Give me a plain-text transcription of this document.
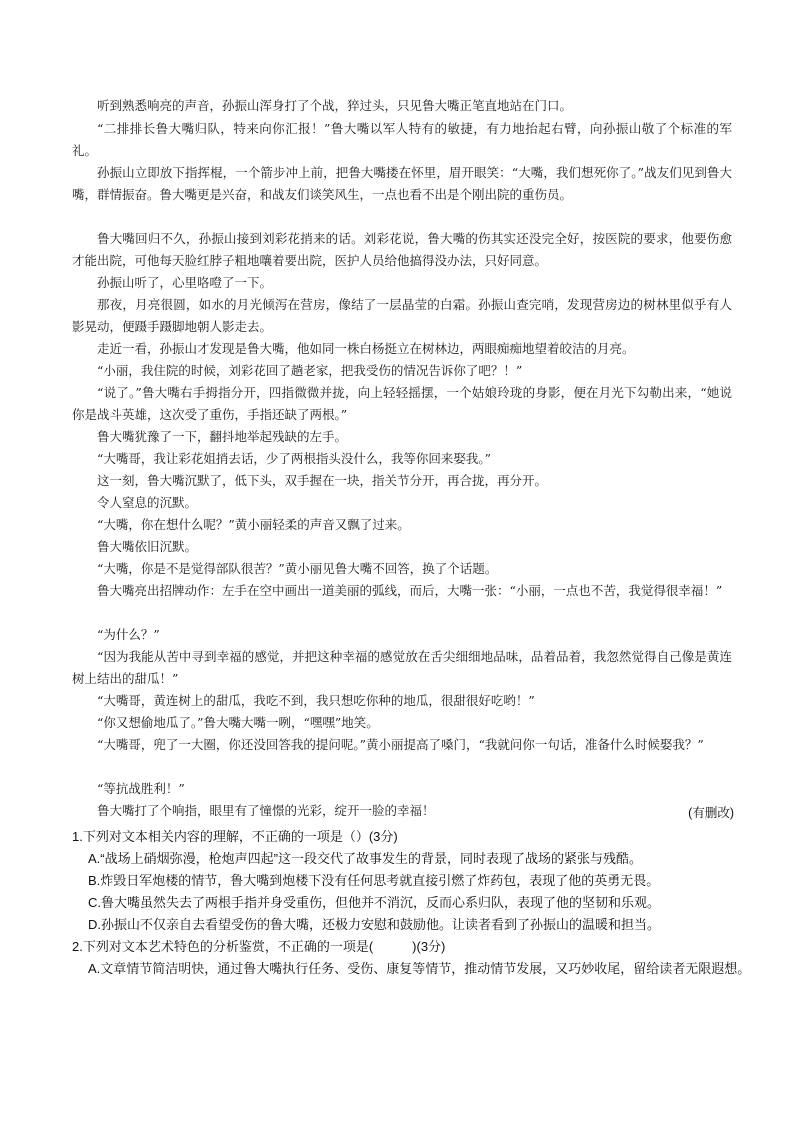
听到熟悉响亮的声音，孙振山浑身打了个战，猝过头，只见鲁大嘴正笔直地站在门口。

“二排排长鲁大嘴归队，特来向你汇报！”鲁大嘴以军人特有的敏捷，有力地抬起右臂，向孙振山敬了个标准的军礼。

孙振山立即放下指挥棍，一个箭步冲上前，把鲁大嘴搂在怀里，眉开眼笑：“大嘴，我们想死你了。”战友们见到鲁大嘴，群情振奋。鲁大嘴更是兴奋，和战友们谈笑风生，一点也看不出是个刚出院的重伤员。

鲁大嘴回归不久，孙振山接到刘彩花捎来的话。刘彩花说，鲁大嘴的伤其实还没完全好，按医院的要求，他要伤愈才能出院，可他每天脸红脖子粗地嚷着要出院，医护人员给他搞得没办法，只好同意。

孙振山听了，心里咯噔了一下。

那夜，月亮很圆，如水的月光倾泻在营房，像结了一层晶莹的白霜。孙振山查完哨，发现营房边的树林里似乎有人影晃动，便蹑手蹑脚地朝人影走去。

走近一看，孙振山才发现是鲁大嘴，他如同一株白杨挺立在树林边，两眼痴痴地望着皎洁的月亮。

“小丽，我住院的时候，刘彩花回了趟老家，把我受伤的情况告诉你了吧？！”

“说了。”鲁大嘴右手拇指分开，四指微微并拢，向上轻轻摇摆，一个姑娘玲珑的身影，便在月光下勾勒出来，“她说你是战斗英雄，这次受了重伤，手指还缺了两根。”

鲁大嘴犹豫了一下，翻抖地举起残缺的左手。

“大嘴哥，我让彩花姐捎去话，少了两根指头没什么，我等你回来娶我。”

这一刻，鲁大嘴沉默了，低下头，双手握在一块，指关节分开，再合拢，再分开。

令人窒息的沉默。

“大嘴，你在想什么呢？”黄小丽轻柔的声音又飘了过来。

鲁大嘴依旧沉默。

“大嘴，你是不是觉得部队很苦？”黄小丽见鲁大嘴不回答，换了个话题。

鲁大嘴亮出招牌动作：左手在空中画出一道美丽的弧线，而后，大嘴一张：“小丽，一点也不苦，我觉得很幸福！”

“为什么？”

“因为我能从苦中寻到幸福的感觉，并把这种幸福的感觉放在舌尖细细地品味，品着品着，我忽然觉得自己像是黄连树上结出的甜瓜！”

“大嘴哥，黄连树上的甜瓜，我吃不到，我只想吃你种的地瓜，很甜很好吃哟！”

“你又想偷地瓜了。”鲁大嘴大嘴一咧，“嘿嘿”地笑。

“大嘴哥，兜了一大圈，你还没回答我的提问呢。”黄小丽提高了嗓门，“我就问你一句话，准备什么时候娶我？”

“等抗战胜利！”

鲁大嘴打了个响指，眼里有了憧憬的光彩，绽开一脸的幸福！	(有删改)

1.下列对文本相关内容的理解，不正确的一项是（）(3分)

A.“战场上硝烟弥漫，枪炮声四起”这一段交代了故事发生的背景，同时表现了战场的紧张与残酷。

B.炸毁日军炮楼的情节，鲁大嘴到炮楼下没有任何思考就直接引燃了炸药包，表现了他的英勇无畏。

C.鲁大嘴虽然失去了两根手指并身受重伤，但他并不消沉，反而心系归队，表现了他的坚韧和乐观。

D.孙振山不仅亲自去看望受伤的鲁大嘴，还极力安慰和鼓励他。让读者看到了孙振山的温暖和担当。

2.下列对文本艺术特色的分析鉴赏，不正确的一项是(　　　)(3分)

A.文章情节简洁明快，通过鲁大嘴执行任务、受伤、康复等情节，推动情节发展，又巧妙收尾，留给读者无限遐想。
